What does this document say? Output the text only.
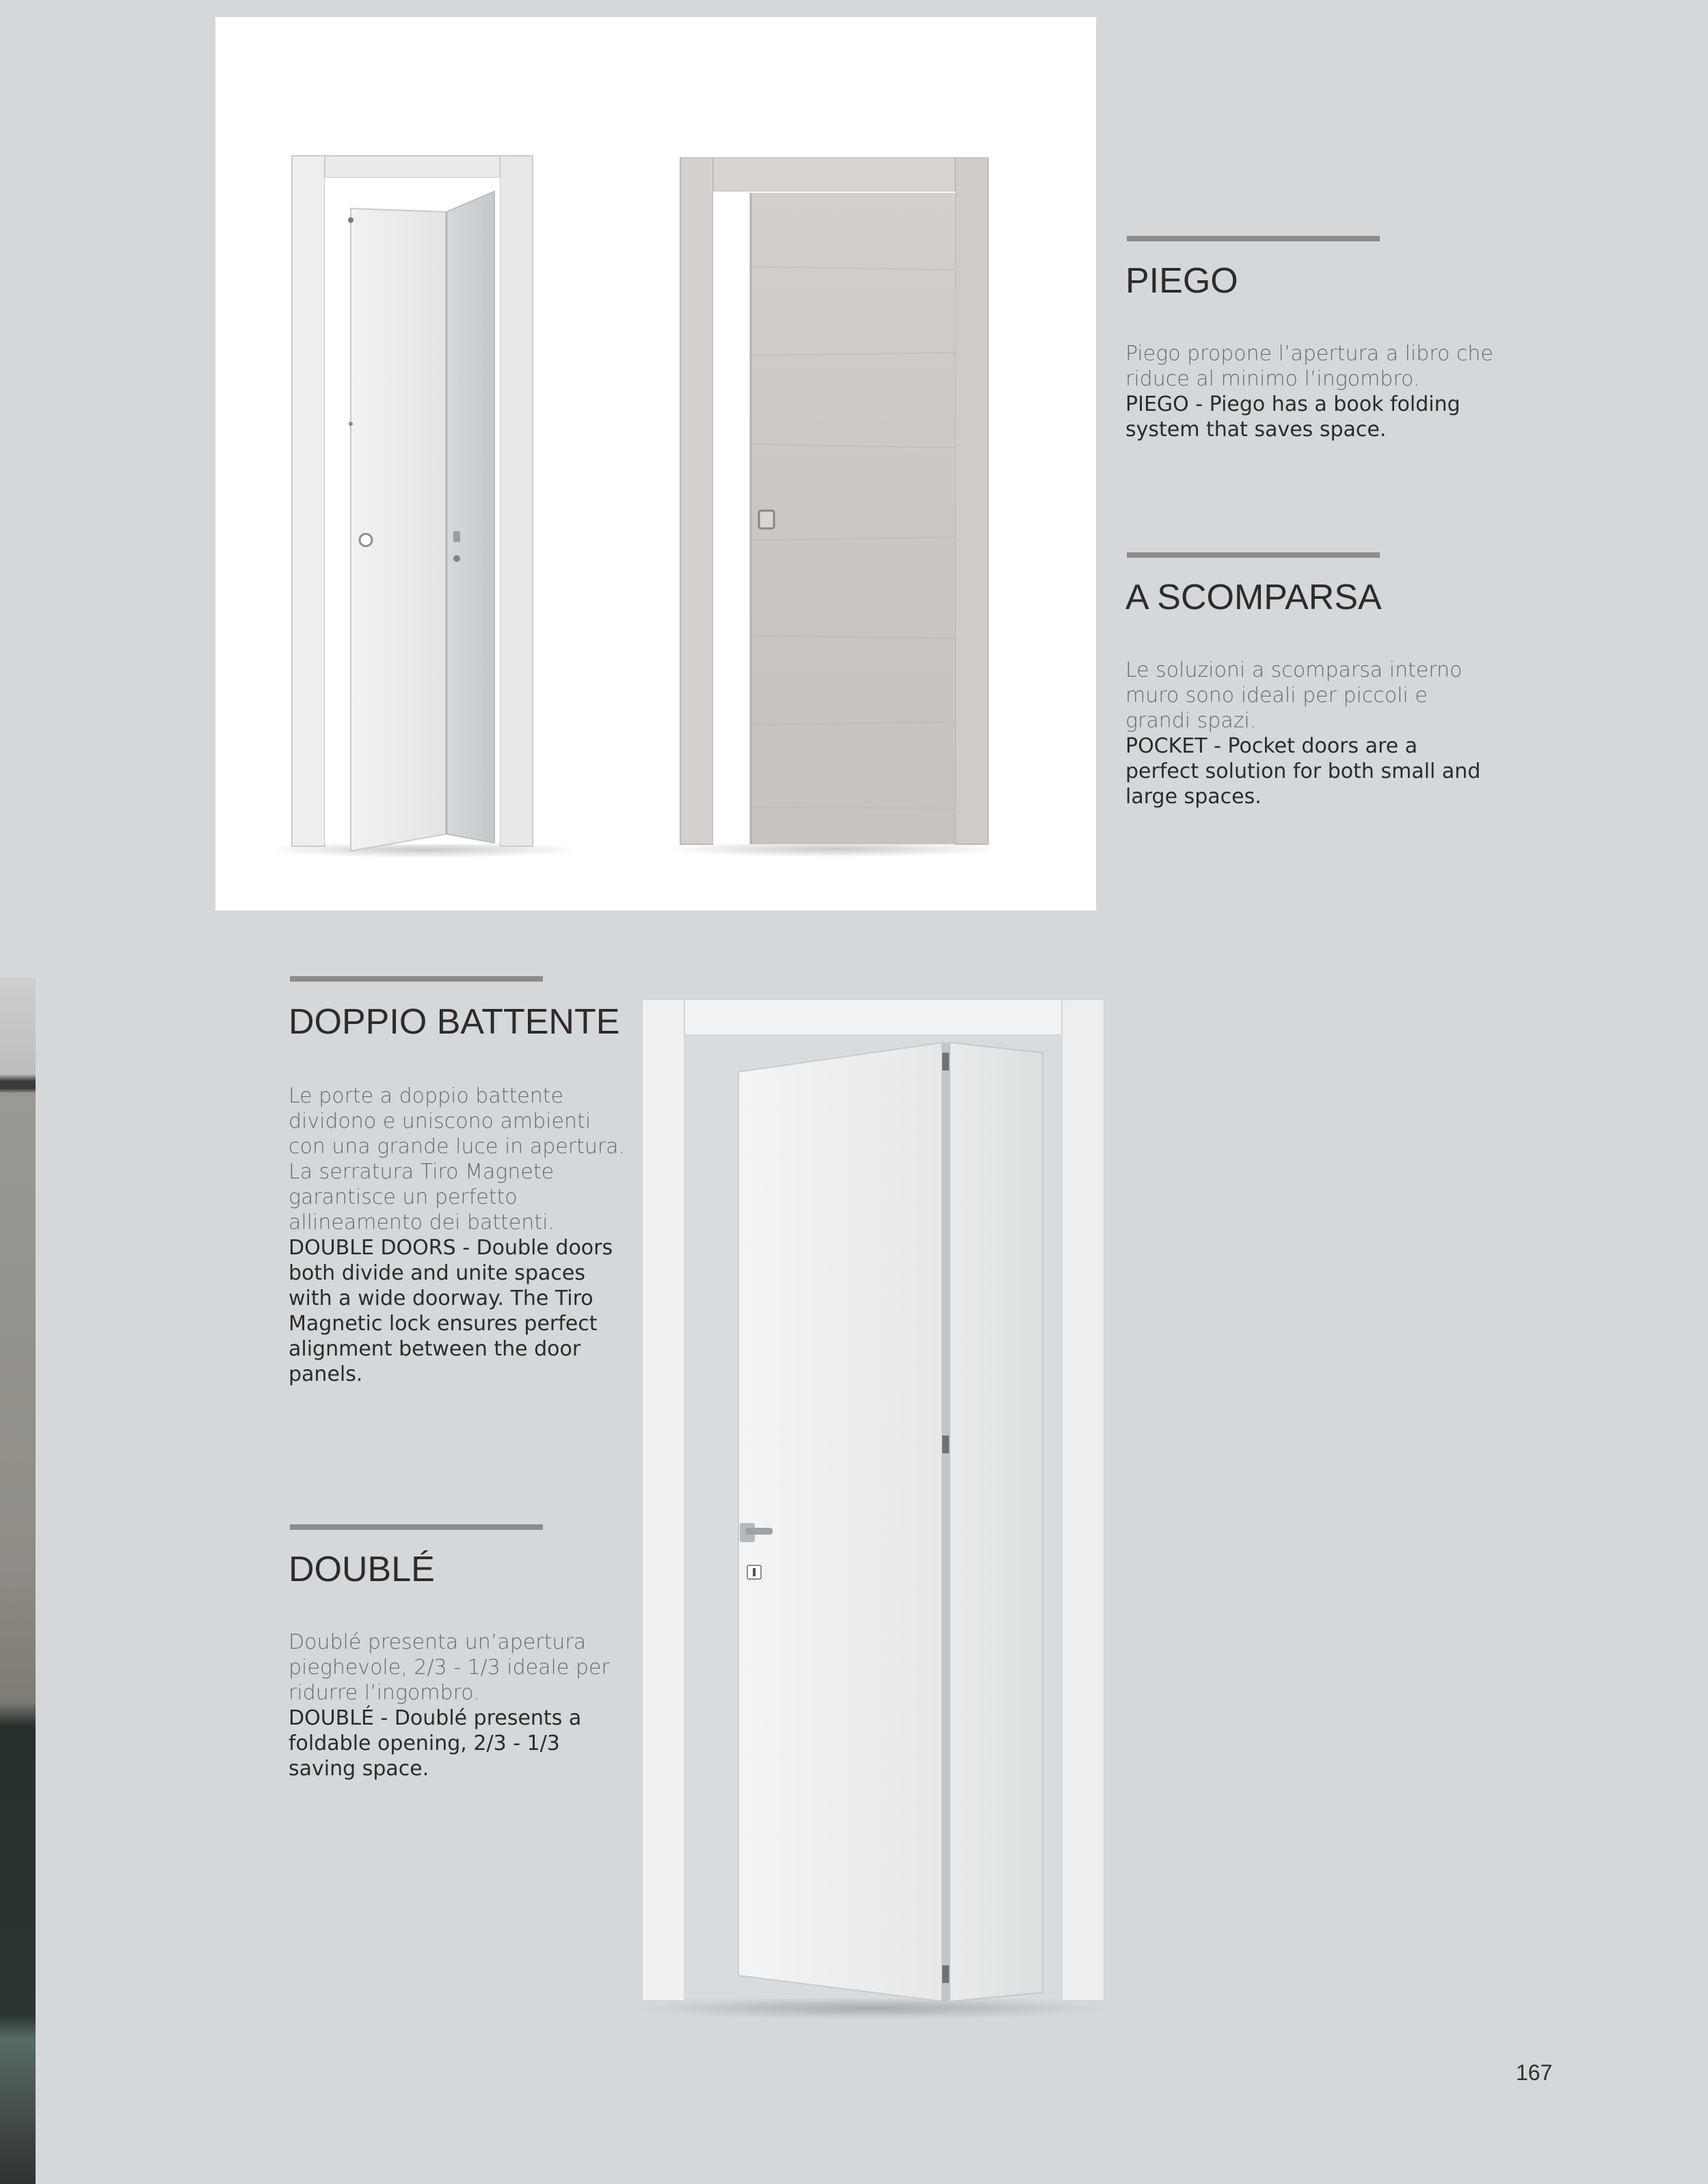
PIEGO

Piego propone l’apertura a libro che riduce al minimo l’ingombro.
PIEGO - Piego has a book folding system that saves space.

A SCOMPARSA

Le soluzioni a scomparsa interno muro sono ideali per piccoli e grandi spazi.
POCKET - Pocket doors are a perfect solution for both small and large spaces.

DOPPIO BATTENTE

Le porte a doppio battente dividono e uniscono ambienti con una grande luce in apertura. La serratura Tiro Magnete garantisce un perfetto allineamento dei battenti.
DOUBLE DOORS - Double doors both divide and unite spaces with a wide doorway. The Tiro Magnetic lock ensures perfect alignment between the door panels.

DOUBLÉ

Doublé presenta un’apertura pieghevole, 2/3 - 1/3 ideale per ridurre l’ingombro.
DOUBLÉ - Doublé presents a foldable opening, 2/3 - 1/3 saving space.

167
